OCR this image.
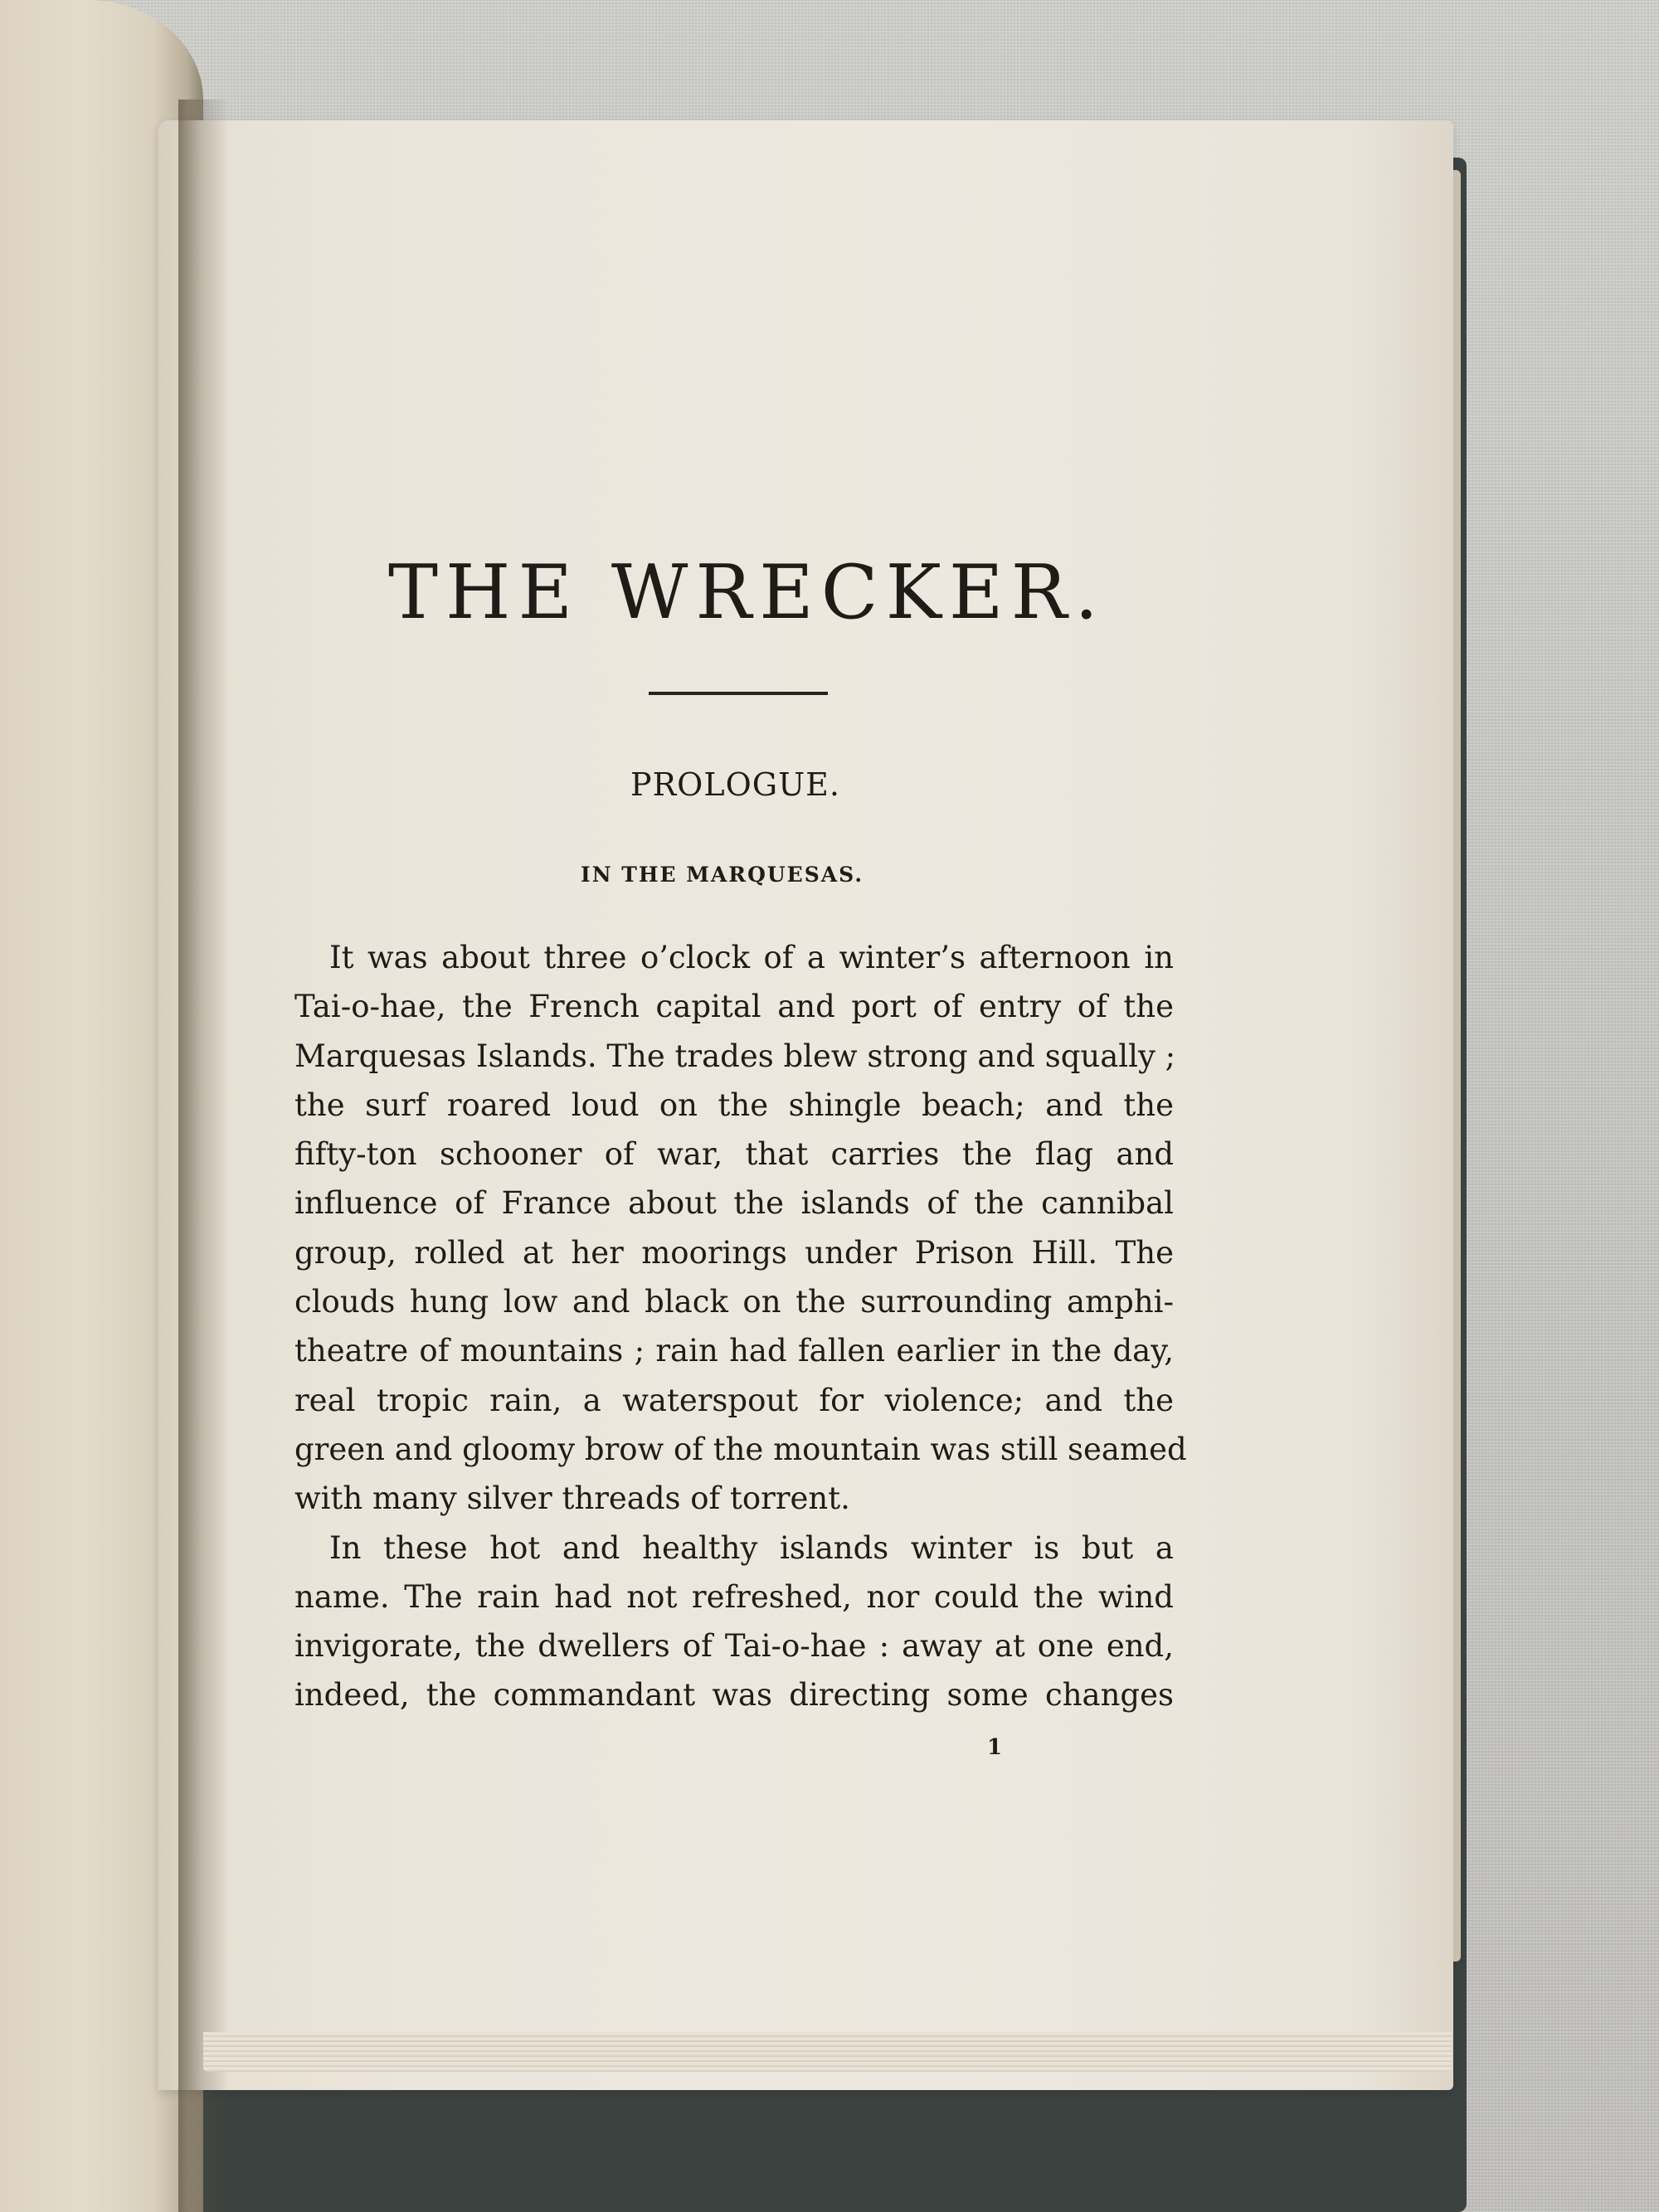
THE WRECKER.
PROLOGUE.
IN THE MARQUESAS.
It was about three o’clock of a winter’s afternoon in
Tai-o-hae, the French capital and port of entry of the
Marquesas Islands. The trades blew strong and squally ;
the surf roared loud on the shingle beach; and the
fifty-ton schooner of war, that carries the flag and
influence of France about the islands of the cannibal
group, rolled at her moorings under Prison Hill. The
clouds hung low and black on the surrounding amphi-
theatre of mountains ; rain had fallen earlier in the day,
real tropic rain, a waterspout for violence; and the
green and gloomy brow of the mountain was still seamed
with many silver threads of torrent.
In these hot and healthy islands winter is but a
name. The rain had not refreshed, nor could the wind
invigorate, the dwellers of Tai-o-hae : away at one end,
indeed, the commandant was directing some changes
1
